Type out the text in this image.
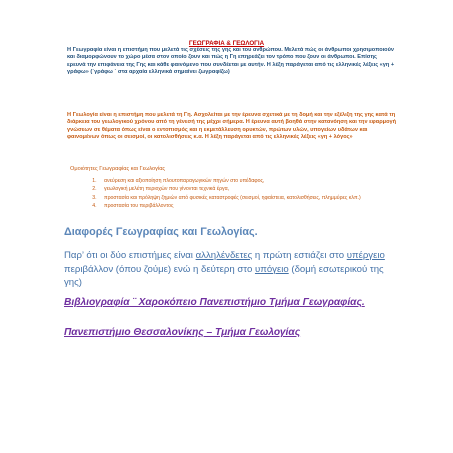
ΓΕΩΓΡΑΦΙΑ & ΓΕΩΛΟΓΙΑ

Η Γεωγραφία είναι η επιστήμη που μελετά τις σχέσεις της γης και του ανθρώπου. Μελετά πώς οι άνθρωποι χρησιμοποιούν και διαμορφώνουν το χώρο μέσα στον οποίο ζουν και πώς η Γη επηρεάζει τον τρόπο που ζουν οι άνθρωποι. Επίσης ερευνά την επιφάνεια της Γης και κάθε φαινόμενο που συνδέεται με αυτήν. Η λέξη παράγεται από τις ελληνικές λέξεις «γη + γράφω» (΄γράφω ΄ στα αρχαία ελληνικά σημαίνει ζωγραφίζω)

Η Γεωλογία είναι η επιστήμη που μελετά τη Γη. Ασχολείται με την έρευνα σχετικά με τη δομή και την εξέλιξη της γης κατά τη διάρκεια του γεωλογικού χρόνου από τη γένεσή της μέχρι σήμερα. Η έρευνα αυτή βοηθά στην κατανόηση και την εφαρμογή γνώσεων σε θέματα όπως είναι ο εντοπισμός και η εκμετάλλευση ορυκτών, πρώτων υλών, υπογείων υδάτων και φαινομένων όπως οι σεισμοί, οι κατολισθήσεις κ.α. Η λέξη παράγεται από τις ελληνικές λέξεις «γη + λόγος»

Ομοιότητες Γεωγραφίας και Γεωλογίας
1. ανεύρεση και αξιοποίηση πλουτοπαραγωγικών πηγών στο υπέδαφος,
2. γεωλογική μελέτη περιοχών που γίνονται τεχνικά έργα,
3. προστασία και πρόληψη ζημιών από φυσικές καταστροφές (σεισμοί, ηφαίστεια, κατολισθήσεις, πλημμύρες κλπ.)
4. προστασία του περιβάλλοντος
Διαφορές Γεωγραφίας και Γεωλογίας.

Παρ’ ότι οι δύο επιστήμες είναι αλληλένδετες η πρώτη εστιάζει στο υπέργειο περιβάλλον (όπου ζούμε) ενώ η δεύτερη στο υπόγειο (δομή εσωτερικού της γης)

Βιβλιογραφία ¨ Χαροκόπειο Πανεπιστήμιο Τμήμα Γεωγραφίας.
Πανεπιστήμιο Θεσσαλονίκης – Τμήμα Γεωλογίας
